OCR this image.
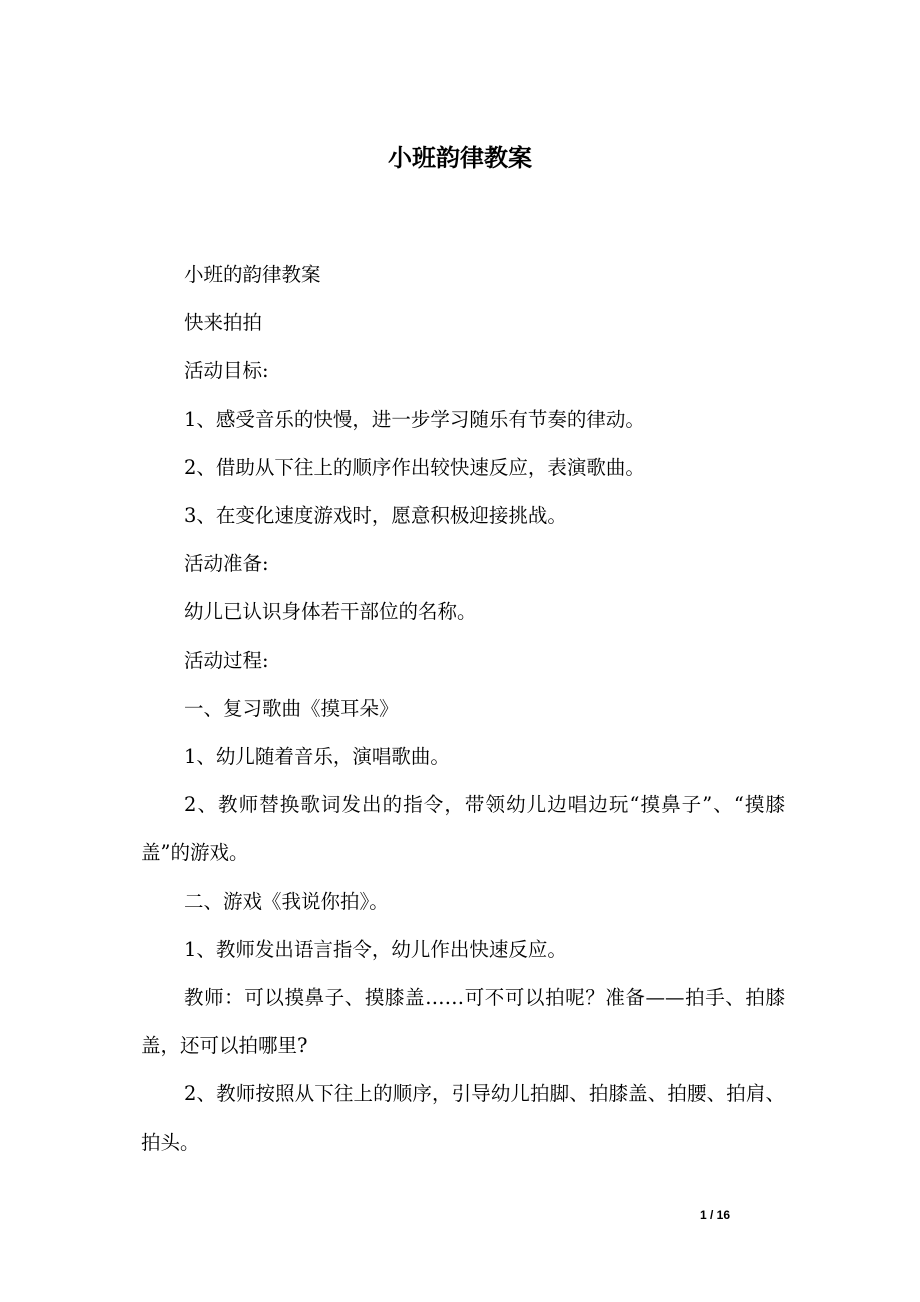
小班韵律教案

小班的韵律教案

快来拍拍

活动目标:

1、感受音乐的快慢，进一步学习随乐有节奏的律动。

2、借助从下往上的顺序作出较快速反应，表演歌曲。

3、在变化速度游戏时，愿意积极迎接挑战。

活动准备:

幼儿已认识身体若干部位的名称。

活动过程:

一、复习歌曲《摸耳朵》

1、幼儿随着音乐，演唱歌曲。

2、教师替换歌词发出的指令，带领幼儿边唱边玩“摸鼻子”、“摸膝盖”的游戏。

二、游戏《我说你拍》。

1、教师发出语言指令，幼儿作出快速反应。

教师：可以摸鼻子、摸膝盖……可不可以拍呢？准备——拍手、拍膝盖，还可以拍哪里?

2、教师按照从下往上的顺序，引导幼儿拍脚、拍膝盖、拍腰、拍肩、拍头。

1 / 16
